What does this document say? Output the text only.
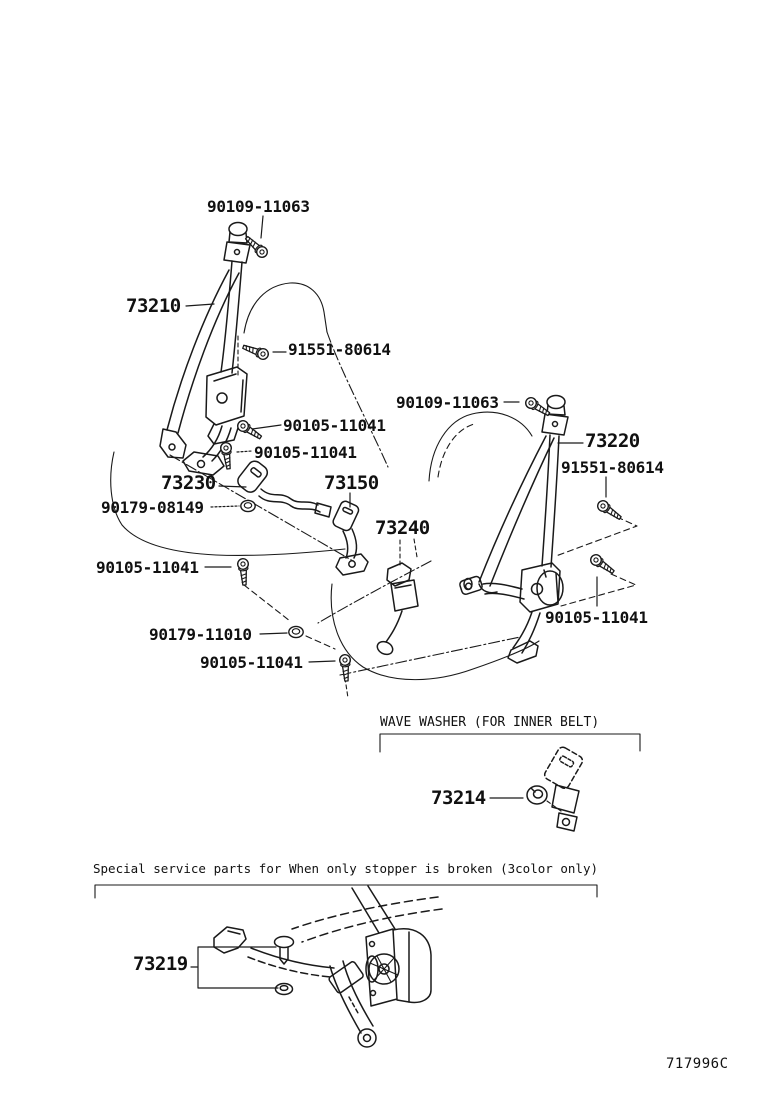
90109-11063
73210
91551-80614
90105-11041
90105-11041
73230	73150
90179-08149
73240
90105-11041
90179-11010
90105-11041
90109-11063
73220
91551-80614
90105-11041
WAVE WASHER (FOR INNER BELT)
73214
Special service parts for When only stopper is broken (3color only)
73219
717996C
